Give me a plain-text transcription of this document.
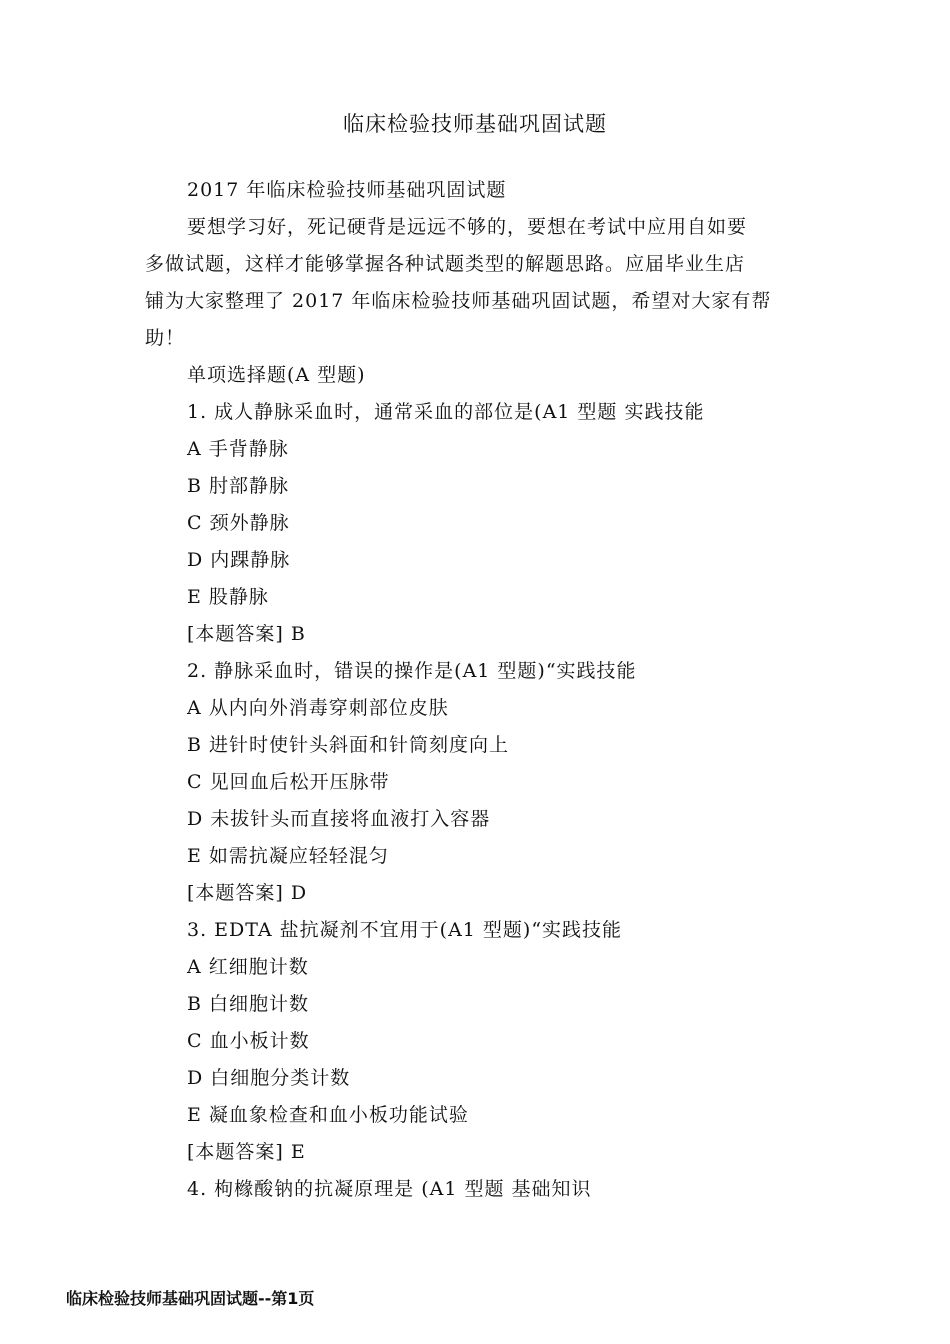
临床检验技师基础巩固试题
2017 年临床检验技师基础巩固试题
要想学习好，死记硬背是远远不够的，要想在考试中应用自如要
多做试题，这样才能够掌握各种试题类型的解题思路。应届毕业生店
铺为大家整理了 2017 年临床检验技师基础巩固试题，希望对大家有帮
助！
单项选择题(A 型题)
1. 成人静脉采血时，通常采血的部位是(A1 型题 实践技能
A 手背静脉
B 肘部静脉
C 颈外静脉
D 内踝静脉
E 股静脉
[本题答案] B
2. 静脉采血时，错误的操作是(A1 型题)“实践技能
A 从内向外消毒穿刺部位皮肤
B 进针时使针头斜面和针筒刻度向上
C 见回血后松开压脉带
D 未拔针头而直接将血液打入容器
E 如需抗凝应轻轻混匀
[本题答案] D
3. EDTA 盐抗凝剂不宜用于(A1 型题)“实践技能
A 红细胞计数
B 白细胞计数
C 血小板计数
D 白细胞分类计数
E 凝血象检查和血小板功能试验
[本题答案] E
4. 枸橼酸钠的抗凝原理是 (A1 型题 基础知识
临床检验技师基础巩固试题--第1页
